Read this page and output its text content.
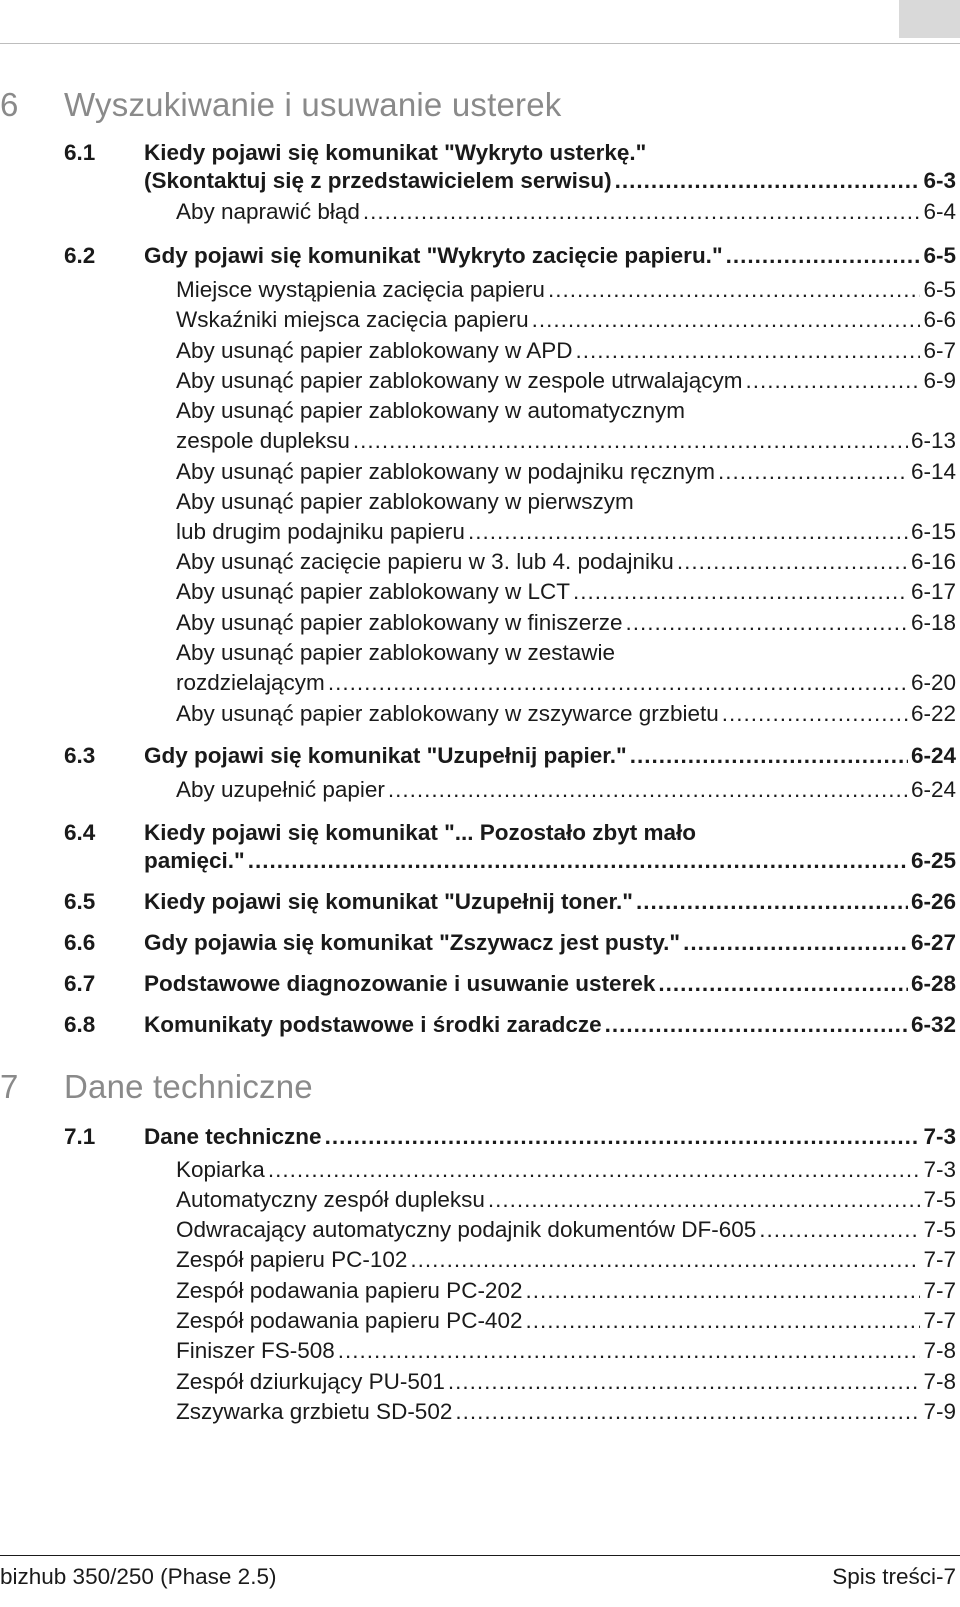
6 Wyszukiwanie i usuwanie usterek
6.1 Kiedy pojawi się komunikat "Wykryto usterkę."
(Skontaktuj się z przedstawicielem serwisu) .....	6-3
Aby naprawić błąd .....	6-4
6.2	Gdy pojawi się komunikat "Wykryto zacięcie papieru." .....	6-5
Miejsce wystąpienia zacięcia papieru .....	6-5
Wskaźniki miejsca zacięcia papieru .....	6-6
Aby usunąć papier zablokowany w APD .....	6-7
Aby usunąć papier zablokowany w zespole utrwalającym .....	6-9
Aby usunąć papier zablokowany w automatycznym
zespole dupleksu .....	6-13
Aby usunąć papier zablokowany w podajniku ręcznym .....	6-14
Aby usunąć papier zablokowany w pierwszym
lub drugim podajniku papieru .....	6-15
Aby usunąć zacięcie papieru w 3. lub 4. podajniku .....	6-16
Aby usunąć papier zablokowany w LCT .....	6-17
Aby usunąć papier zablokowany w finiszerze .....	6-18
Aby usunąć papier zablokowany w zestawie
rozdzielającym .....	6-20
Aby usunąć papier zablokowany w zszywarce grzbietu .....	6-22
6.3	Gdy pojawi się komunikat "Uzupełnij papier." .....	6-24
Aby uzupełnić papier .....	6-24
6.4 Kiedy pojawi się komunikat "... Pozostało zbyt mało
pamięci." .....	6-25
6.5	Kiedy pojawi się komunikat "Uzupełnij toner." .....	6-26
6.6	Gdy pojawia się komunikat "Zszywacz jest pusty." .....	6-27
6.7	Podstawowe diagnozowanie i usuwanie usterek .....	6-28
6.8	Komunikaty podstawowe i środki zaradcze .....	6-32
7 Dane techniczne
7.1	Dane techniczne .....	7-3
Kopiarka .....	7-3
Automatyczny zespół dupleksu .....	7-5
Odwracający automatyczny podajnik dokumentów DF-605 .....	7-5
Zespół papieru PC-102 .....	7-7
Zespół podawania papieru PC-202 .....	7-7
Zespół podawania papieru PC-402 .....	7-7
Finiszer FS-508 .....	7-8
Zespół dziurkujący PU-501 .....	7-8
Zszywarka grzbietu SD-502 .....	7-9
bizhub 350/250 (Phase 2.5)	Spis treści-7
